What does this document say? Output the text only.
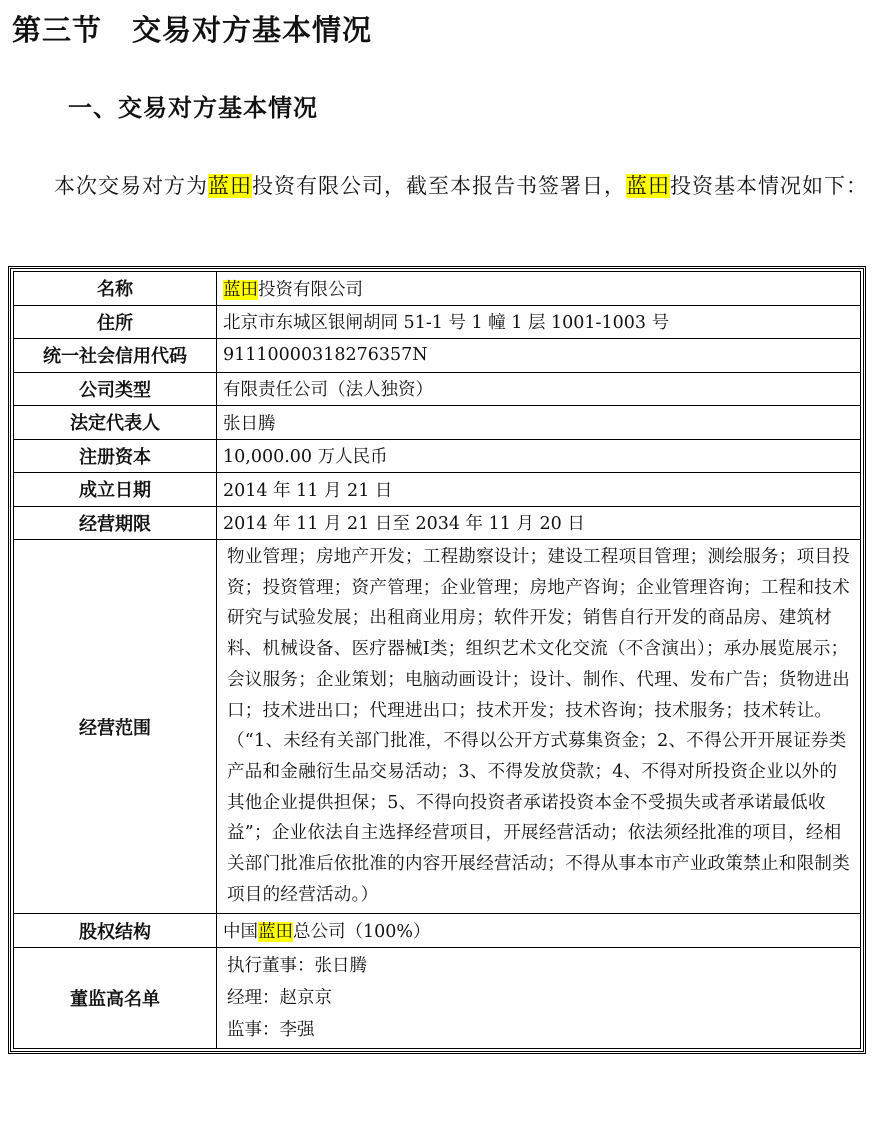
第三节　交易对方基本情况
一、交易对方基本情况

本次交易对方为蓝田投资有限公司，截至本报告书签署日，蓝田投资基本情况如下：

名称	蓝田投资有限公司
住所	北京市东城区银闸胡同 51-1 号 1 幢 1 层 1001-1003 号
统一社会信用代码	91110000318276357N
公司类型	有限责任公司（法人独资）
法定代表人	张日腾
注册资本	10,000.00 万人民币
成立日期	2014 年 11 月 21 日
经营期限	2014 年 11 月 21 日至 2034 年 11 月 20 日
经营范围	物业管理；房地产开发；工程勘察设计；建设工程项目管理；测绘服务；项目投资；投资管理；资产管理；企业管理；房地产咨询；企业管理咨询；工程和技术研究与试验发展；出租商业用房；软件开发；销售自行开发的商品房、建筑材料、机械设备、医疗器械Ⅰ类；组织艺术文化交流（不含演出）；承办展览展示；会议服务；企业策划；电脑动画设计；设计、制作、代理、发布广告；货物进出口；技术进出口；代理进出口；技术开发；技术咨询；技术服务；技术转让。（“1、未经有关部门批准，不得以公开方式募集资金；2、不得公开开展证券类产品和金融衍生品交易活动；3、不得发放贷款；4、不得对所投资企业以外的其他企业提供担保；5、不得向投资者承诺投资本金不受损失或者承诺最低收益”；企业依法自主选择经营项目，开展经营活动；依法须经批准的项目，经相关部门批准后依批准的内容开展经营活动；不得从事本市产业政策禁止和限制类项目的经营活动。）
股权结构	中国蓝田总公司（100%）
董监高名单	执行董事：张日腾
经理：赵京京
监事：李强
